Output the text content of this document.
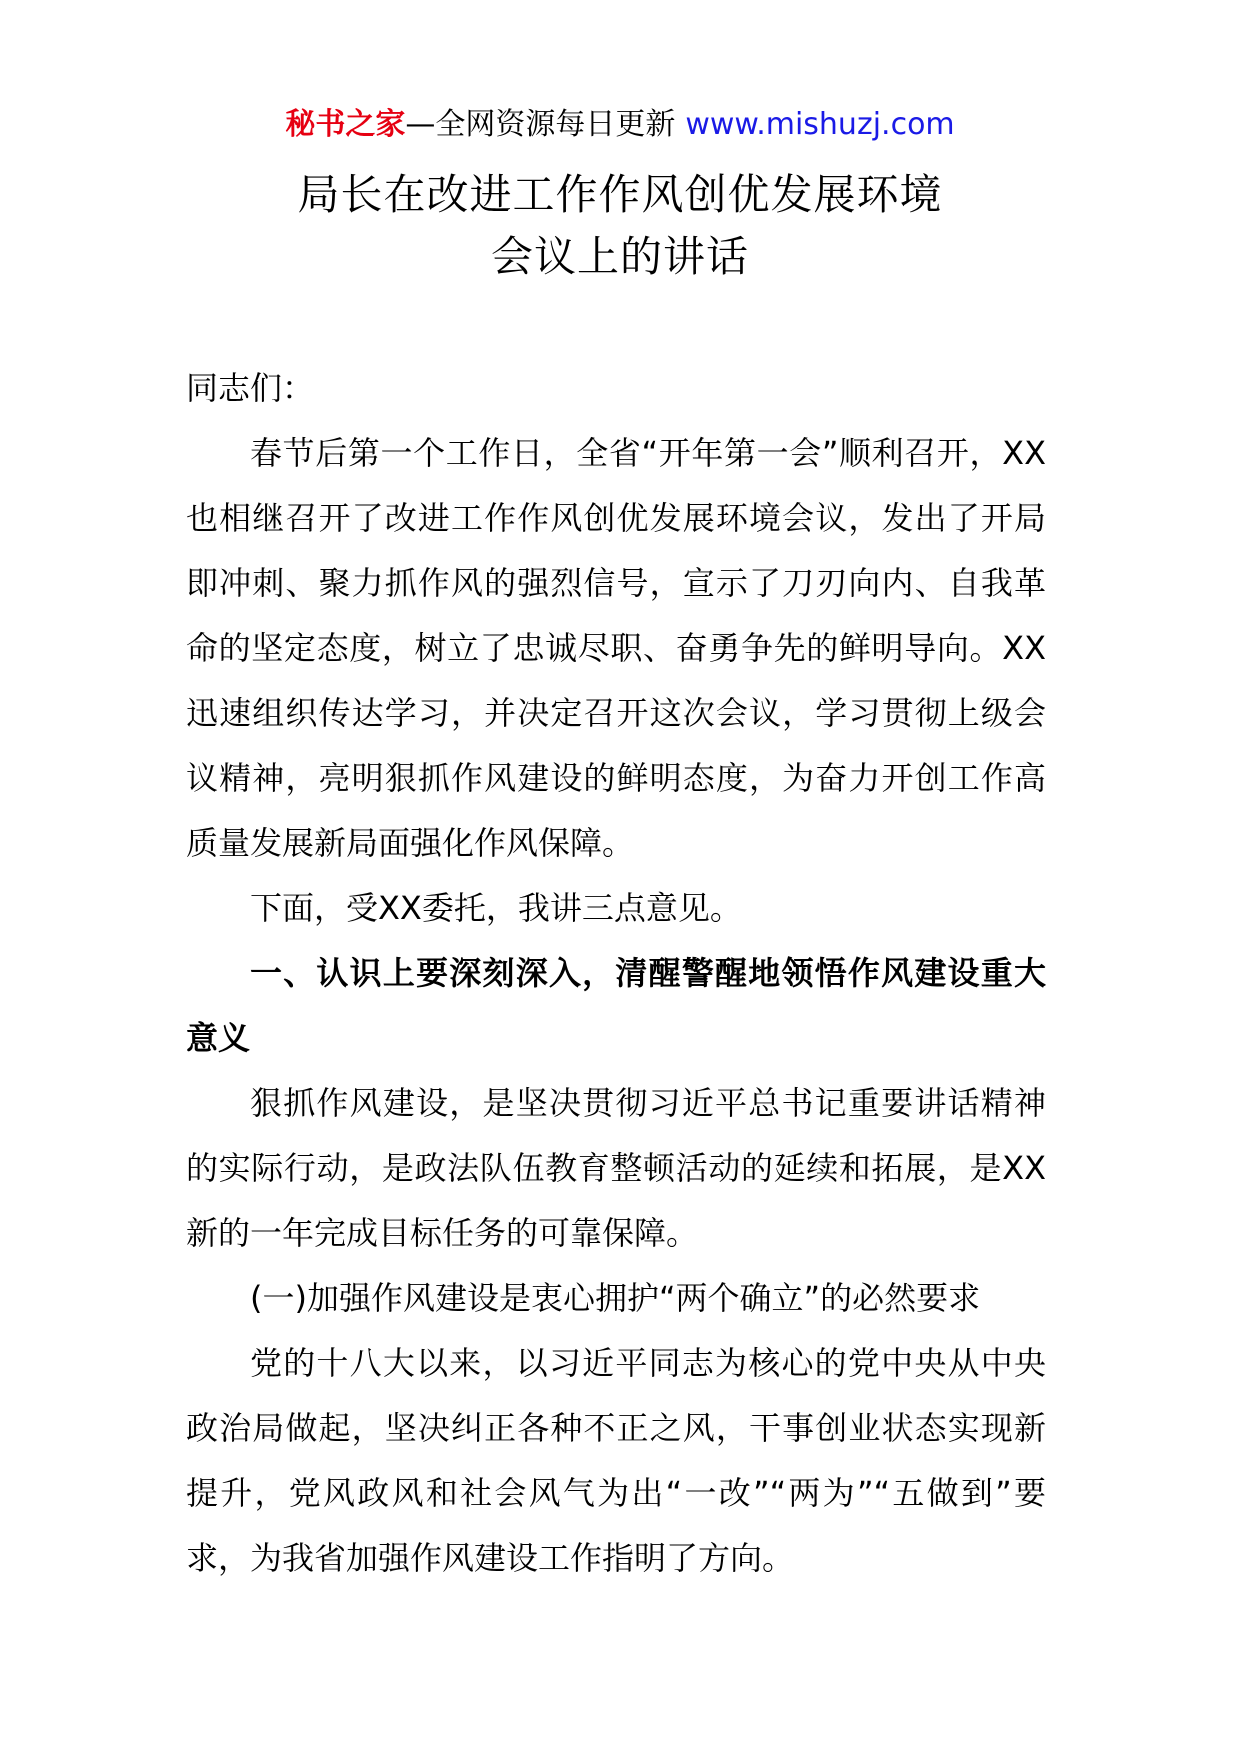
秘书之家—全网资源每日更新 www.mishuzj.com
局长在改进工作作风创优发展环境
会议上的讲话

同志们：

春节后第一个工作日，全省“开年第一会”顺利召开，XX也相继召开了改进工作作风创优发展环境会议，发出了开局即冲刺、聚力抓作风的强烈信号，宣示了刀刃向内、自我革命的坚定态度，树立了忠诚尽职、奋勇争先的鲜明导向。XX迅速组织传达学习，并决定召开这次会议，学习贯彻上级会议精神，亮明狠抓作风建设的鲜明态度，为奋力开创工作高质量发展新局面强化作风保障。

下面，受XX委托，我讲三点意见。

一、认识上要深刻深入，清醒警醒地领悟作风建设重大意义

狠抓作风建设，是坚决贯彻习近平总书记重要讲话精神的实际行动，是政法队伍教育整顿活动的延续和拓展，是XX新的一年完成目标任务的可靠保障。

(一)加强作风建设是衷心拥护“两个确立”的必然要求

党的十八大以来，以习近平同志为核心的党中央从中央政治局做起，坚决纠正各种不正之风，干事创业状态实现新提升，党风政风和社会风气为出“一改”“两为”“五做到”要求，为我省加强作风建设工作指明了方向。
